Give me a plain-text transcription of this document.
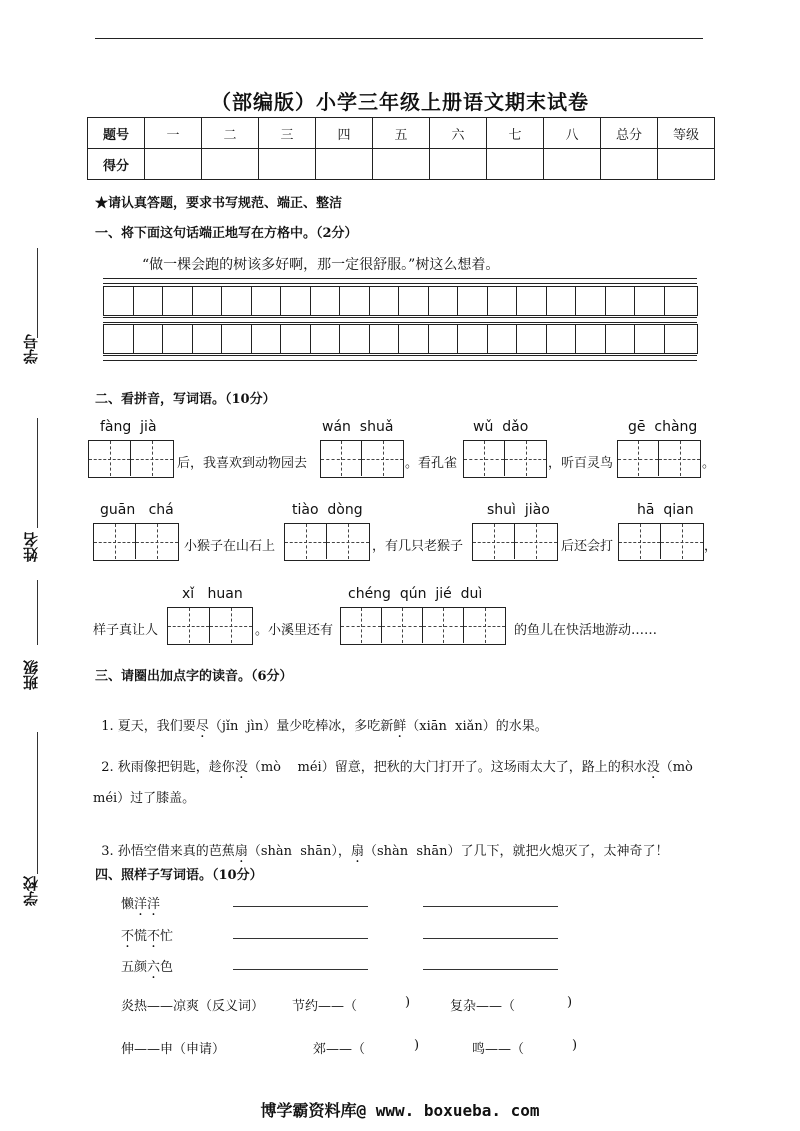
（部编版）小学三年级上册语文期末试卷
题号	一	二	三	四	五	六	七	八	总分	等级
得分										
★请认真答题，要求书写规范、端正、整洁
一、将下面这句话端正地写在方格中。（2分）
“做一棵会跑的树该多好啊，那一定很舒服。”树这么想着。
二、看拼音，写词语。（10分）
fàng  jià
后，我喜欢到动物园去
wán  shuǎ
。看孔雀
wǔ  dǎo
，听百灵鸟
gē  chàng
。
guān   chá
小猴子在山石上
tiào  dòng
，有几只老猴子
shuì  jiào
后还会打
hā  qian
，
xǐ   huan
样子真让人	。小溪里还有
chéng  qún  jié  duì
的鱼儿在快活地游动……
三、请圈出加点字的读音。（6分）

1. 夏天，我们要尽（jǐn  jìn）量少吃棒冰，多吃新鲜（xiān  xiǎn）的水果。

2. 秋雨像把钥匙，趁你没（mò    méi）留意，把秋的大门打开了。这场雨太大了，路上的积水没（mò

méi）过了膝盖。

3. 孙悟空借来真的芭蕉扇（shàn  shān），扇（shàn  shān）了几下，就把火熄灭了，太神奇了！

四、照样子写词语。（10分）
懒洋洋
不慌不忙
五颜六色
炎热——凉爽（反义词） 节约——（	)	复杂——（	)
伸——申（申请）	郊——（	)	鸣——（	)
学号
姓名
班级
学校
博学霸资料库@ www. boxueba. com
